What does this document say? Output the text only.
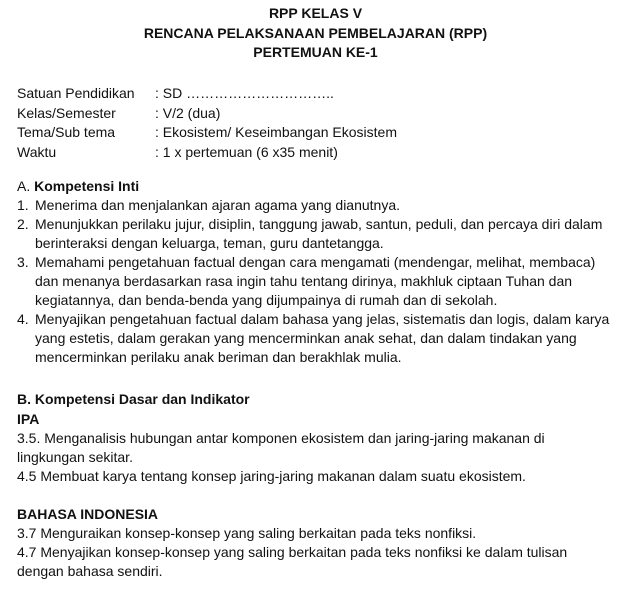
RPP KELAS V
RENCANA PELAKSANAAN PEMBELAJARAN (RPP)
PERTEMUAN KE-1
Satuan Pendidikan	: SD …………………………..
Kelas/Semester	: V/2 (dua)
Tema/Sub tema	: Ekosistem/ Keseimbangan Ekosistem
Waktu	: 1 x pertemuan (6 x35 menit)
A. Kompetensi Inti
1. Menerima dan menjalankan ajaran agama yang dianutnya.
2. Menunjukkan perilaku jujur, disiplin, tanggung jawab, santun, peduli, dan percaya diri dalam
berinteraksi dengan keluarga, teman, guru dantetangga.
3. Memahami pengetahuan factual dengan cara mengamati (mendengar, melihat, membaca)
dan menanya berdasarkan rasa ingin tahu tentang dirinya, makhluk ciptaan Tuhan dan
kegiatannya, dan benda-benda yang dijumpainya di rumah dan di sekolah.
4. Menyajikan pengetahuan factual dalam bahasa yang jelas, sistematis dan logis, dalam karya
yang estetis, dalam gerakan yang mencerminkan anak sehat, dan dalam tindakan yang
mencerminkan perilaku anak beriman dan berakhlak mulia.
B. Kompetensi Dasar dan Indikator
IPA
3.5. Menganalisis hubungan antar komponen ekosistem dan jaring-jaring makanan di
lingkungan sekitar.
4.5 Membuat karya tentang konsep jaring-jaring makanan dalam suatu ekosistem.
BAHASA INDONESIA
3.7 Menguraikan konsep-konsep yang saling berkaitan pada teks nonfiksi.
4.7 Menyajikan konsep-konsep yang saling berkaitan pada teks nonfiksi ke dalam tulisan
dengan bahasa sendiri.
